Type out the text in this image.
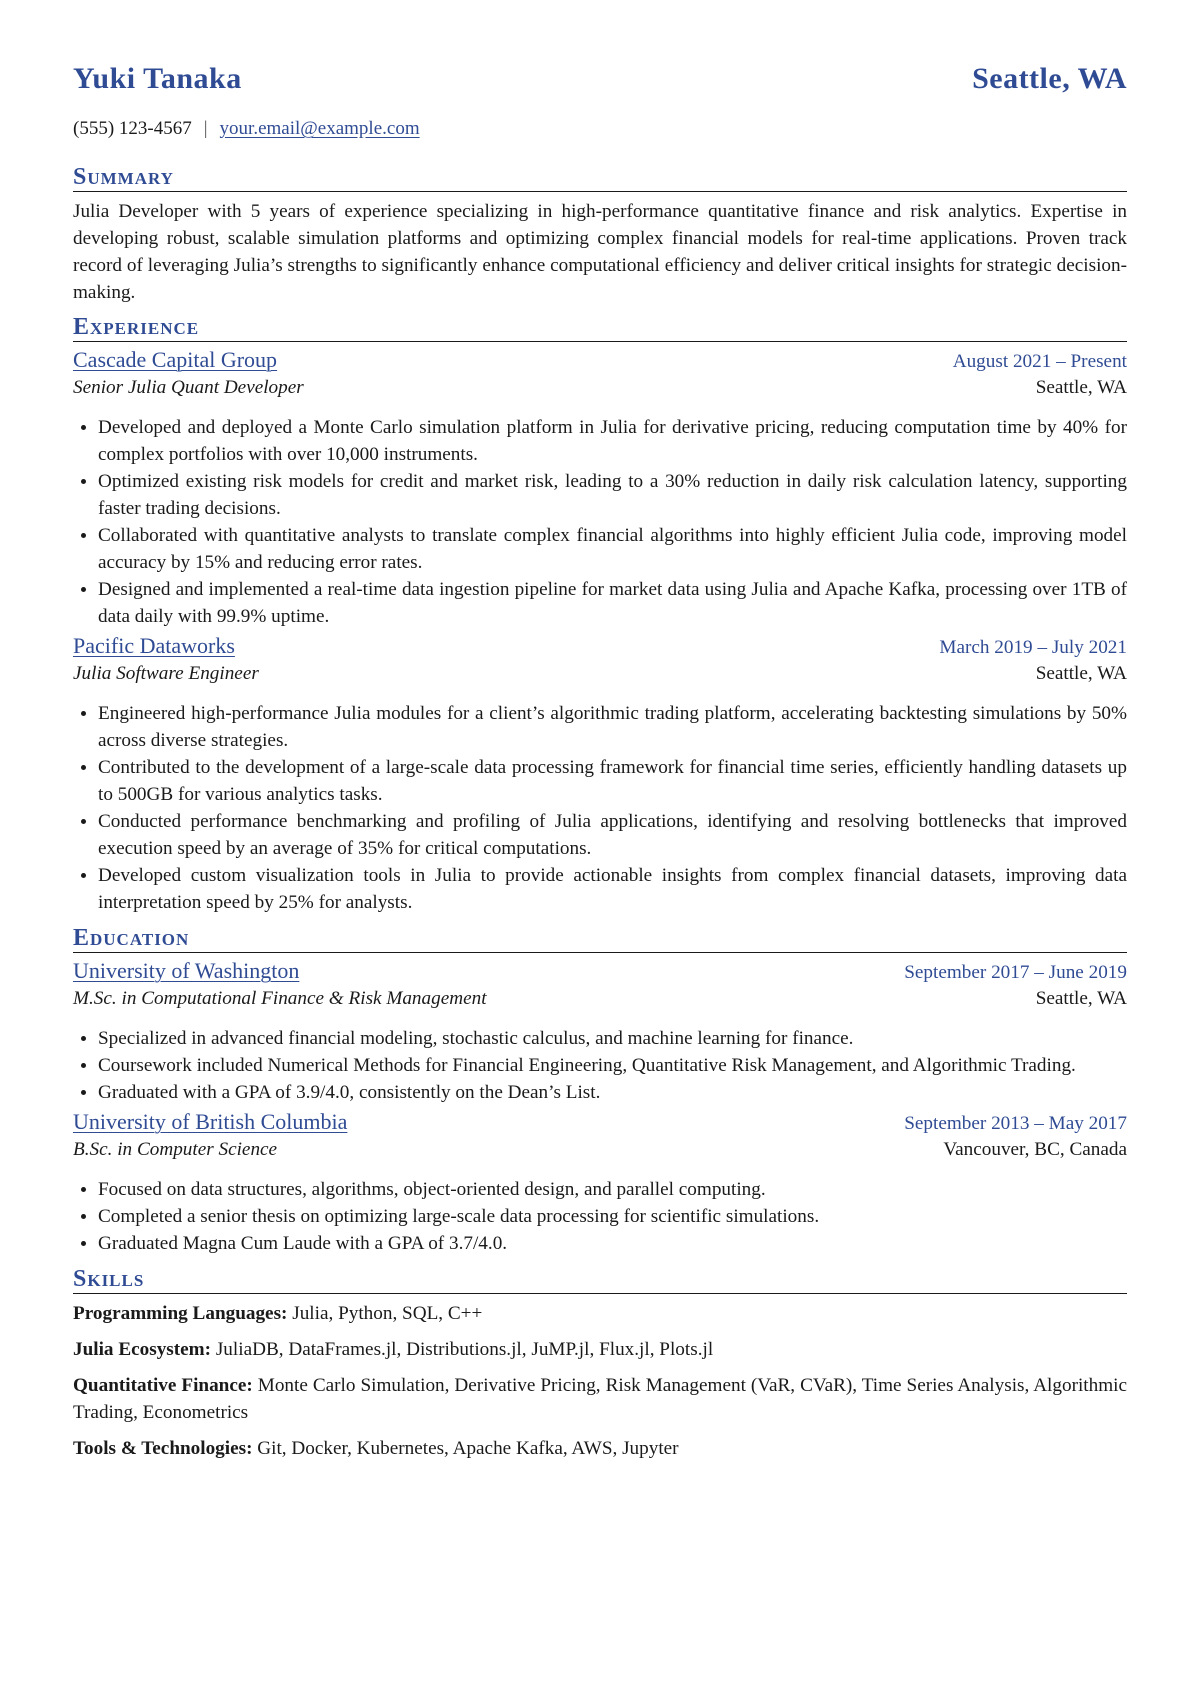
Yuki Tanaka	Seattle, WA
(555) 123-4567 | your.email@example.com
Summary
Julia Developer with 5 years of experience specializing in high-performance quantitative finance and risk analytics. Expertise in developing robust, scalable simulation platforms and optimizing complex financial models for real-time applications. Proven track record of leveraging Julia’s strengths to significantly enhance computational efficiency and deliver critical insights for strategic decision-making.
Experience
Cascade Capital Group	August 2021 – Present
Senior Julia Quant Developer	Seattle, WA
• Developed and deployed a Monte Carlo simulation platform in Julia for derivative pricing, reducing computation time by 40% for complex portfolios with over 10,000 instruments.
• Optimized existing risk models for credit and market risk, leading to a 30% reduction in daily risk calculation latency, supporting faster trading decisions.
• Collaborated with quantitative analysts to translate complex financial algorithms into highly efficient Julia code, improving model accuracy by 15% and reducing error rates.
• Designed and implemented a real-time data ingestion pipeline for market data using Julia and Apache Kafka, processing over 1TB of data daily with 99.9% uptime.
Pacific Dataworks	March 2019 – July 2021
Julia Software Engineer	Seattle, WA
• Engineered high-performance Julia modules for a client’s algorithmic trading platform, accelerating backtesting simulations by 50% across diverse strategies.
• Contributed to the development of a large-scale data processing framework for financial time series, efficiently handling datasets up to 500GB for various analytics tasks.
• Conducted performance benchmarking and profiling of Julia applications, identifying and resolving bottlenecks that improved execution speed by an average of 35% for critical computations.
• Developed custom visualization tools in Julia to provide actionable insights from complex financial datasets, improving data interpretation speed by 25% for analysts.
Education
University of Washington	September 2017 – June 2019
M.Sc. in Computational Finance & Risk Management	Seattle, WA
• Specialized in advanced financial modeling, stochastic calculus, and machine learning for finance.
• Coursework included Numerical Methods for Financial Engineering, Quantitative Risk Management, and Algorithmic Trading.
• Graduated with a GPA of 3.9/4.0, consistently on the Dean’s List.
University of British Columbia	September 2013 – May 2017
B.Sc. in Computer Science	Vancouver, BC, Canada
• Focused on data structures, algorithms, object-oriented design, and parallel computing.
• Completed a senior thesis on optimizing large-scale data processing for scientific simulations.
• Graduated Magna Cum Laude with a GPA of 3.7/4.0.
Skills
Programming Languages: Julia, Python, SQL, C++
Julia Ecosystem: JuliaDB, DataFrames.jl, Distributions.jl, JuMP.jl, Flux.jl, Plots.jl
Quantitative Finance: Monte Carlo Simulation, Derivative Pricing, Risk Management (VaR, CVaR), Time Series Analysis, Algorithmic Trading, Econometrics
Tools & Technologies: Git, Docker, Kubernetes, Apache Kafka, AWS, Jupyter
